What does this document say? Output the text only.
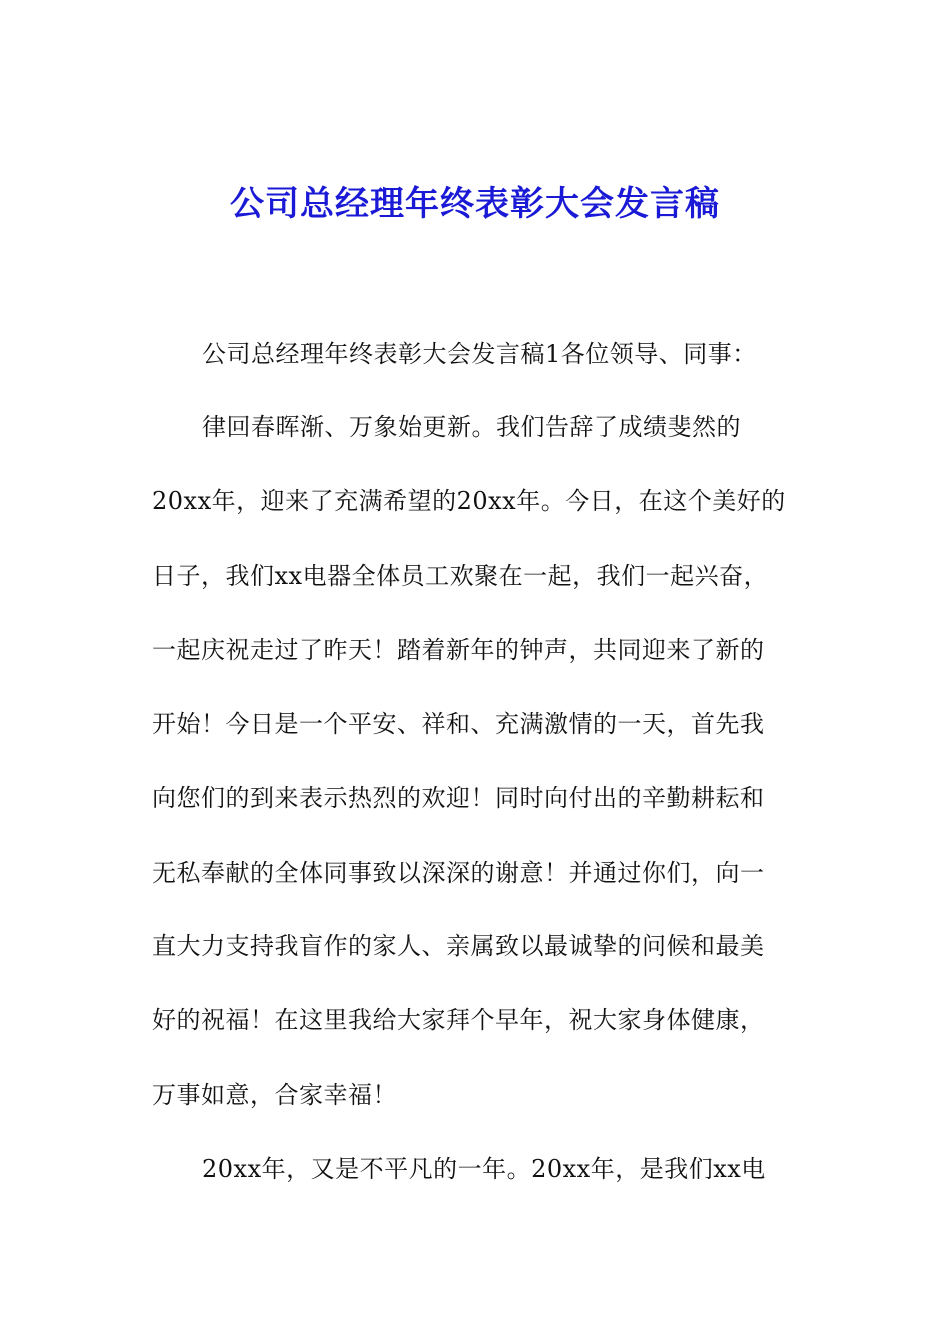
公司总经理年终表彰大会发言稿
公司总经理年终表彰大会发言稿1各位领导、同事：
律回春晖渐、万象始更新。我们告辞了成绩斐然的
20xx年，迎来了充满希望的20xx年。今日，在这个美好的
日子，我们xx电器全体员工欢聚在一起，我们一起兴奋，
一起庆祝走过了昨天！踏着新年的钟声，共同迎来了新的
开始！今日是一个平安、祥和、充满激情的一天，首先我
向您们的到来表示热烈的欢迎！同时向付出的辛勤耕耘和
无私奉献的全体同事致以深深的谢意！并通过你们，向一
直大力支持我盲作的家人、亲属致以最诚挚的问候和最美
好的祝福！在这里我给大家拜个早年，祝大家身体健康，
万事如意，合家幸福！
20xx年，又是不平凡的一年。20xx年，是我们xx电
